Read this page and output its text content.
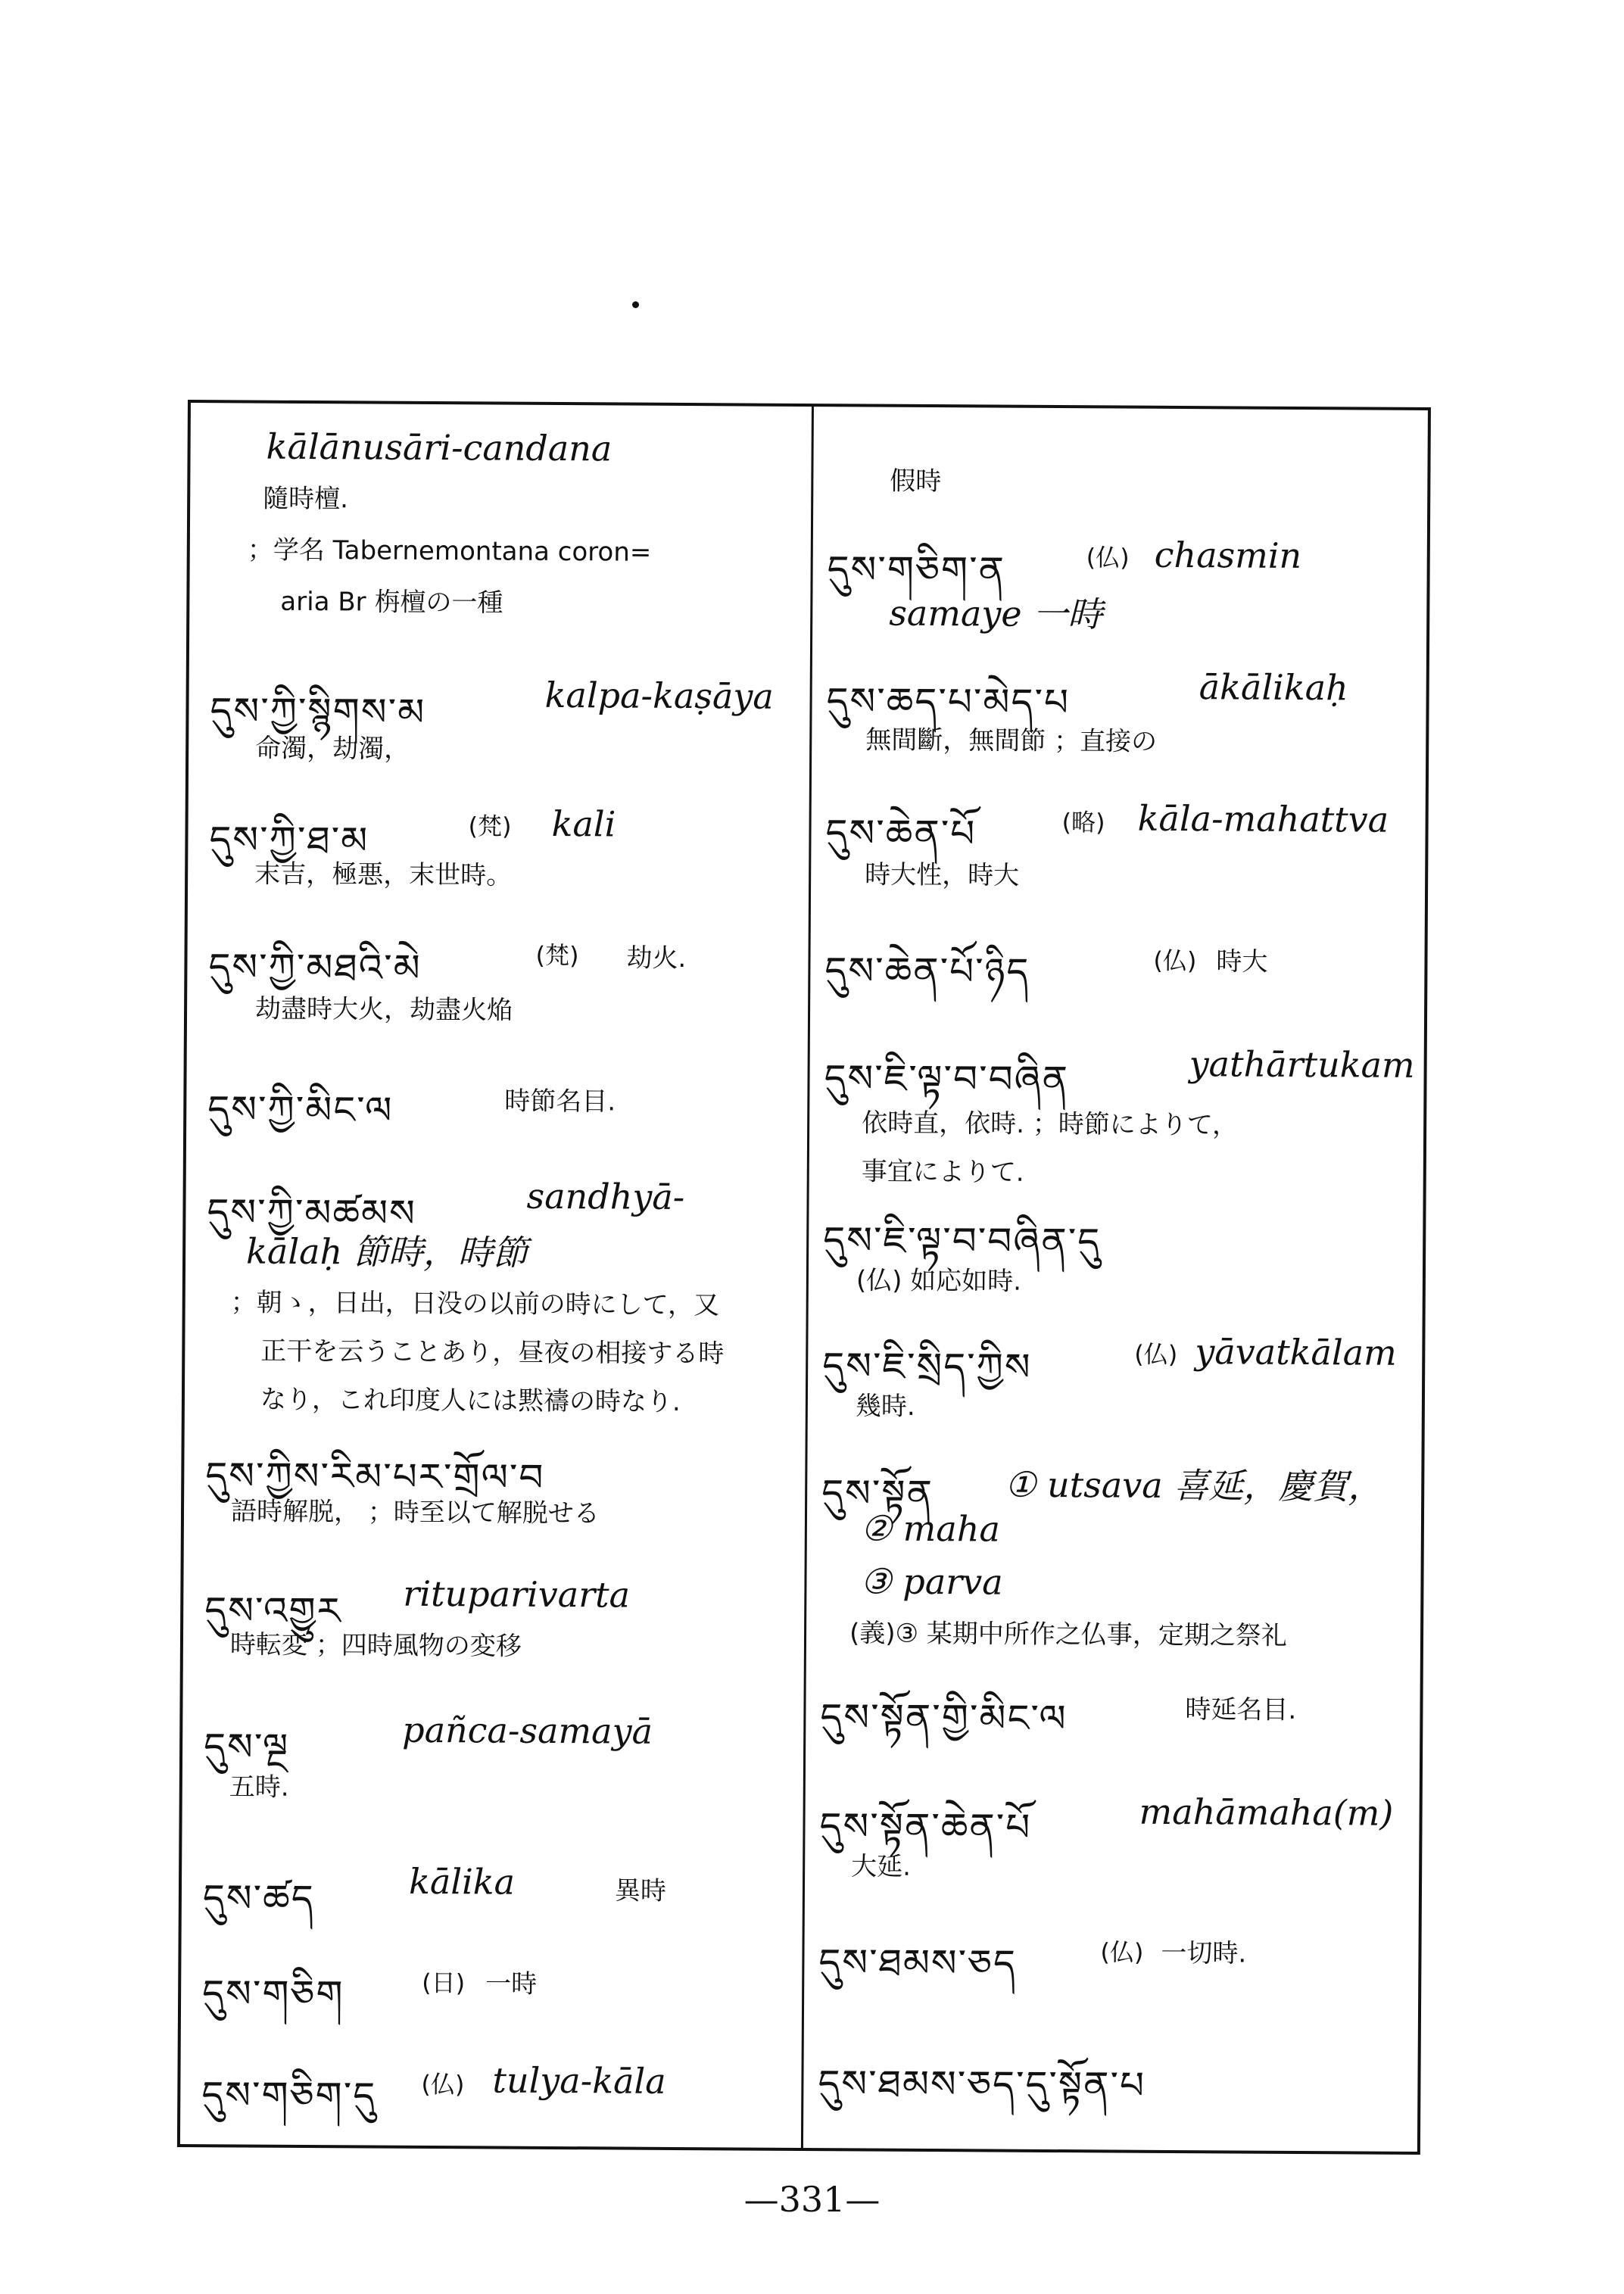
kālānusāri-candana
隨時檀.
；学名 Tabernemontana coron=
aria Br 栴檀の一種
དུས་ཀྱི་སྙིགས་མ	kalpa-kaṣāya
命濁，劫濁，
དུས་ཀྱི་ཐ་མ	(梵) kali
末吉，極悪，末世時。
དུས་ཀྱི་མཐའི་མེ	(梵) 劫火.
劫盡時大火，劫盡火焔
དུས་ཀྱི་མིང་ལ	時節名目.
དུས་ཀྱི་མཚམས	sandhyā-
kālaḥ 節時，時節
；朝ゝ，日出，日没の以前の時にして，又
正干を云うことあり，昼夜の相接する時
なり，これ印度人には黙禱の時なり.
དུས་ཀྱིས་རིམ་པར་གྲོལ་བ
語時解脱， ；時至以て解脱せる
དུས་འགྱུར rituparivarta
時転変 ；四時風物の変移
དུས་ལྔ	pañca-samayā
五時.
དུས་ཚད	kālika	異時
དུས་གཅིག	(日) 一時
དུས་གཅིག་དུ (仏) tulya-kāla
假時
དུས་གཅིག་ན	(仏) chasmin
samaye 一時
དུས་ཆད་པ་མེད་པ	ākālikaḥ
無間斷，無間節 ；直接の
དུས་ཆེན་པོ	(略) kāla-mahattva
時大性，時大
དུས་ཆེན་པོ་ཉིད	(仏) 時大
དུས་ཇི་ལྟ་བ་བཞིན	yathārtukam
依時直，依時. ；時節によりて，
事宜によりて.
དུས་ཇི་ལྟ་བ་བཞིན་དུ
(仏) 如応如時.
དུས་ཇི་སྲིད་ཀྱིས	(仏) yāvatkālam
幾時.
དུས་སྟོན ① utsava 喜延，慶賀，
② maha
③ parva
(義)③ 某期中所作之仏事，定期之祭礼
དུས་སྟོན་གྱི་མིང་ལ	時延名目.
དུས་སྟོན་ཆེན་པོ	mahāmaha(m)
大延.
དུས་ཐམས་ཅད	(仏) 一切時.
དུས་ཐམས་ཅད་དུ་སྟོན་པ
—331—
